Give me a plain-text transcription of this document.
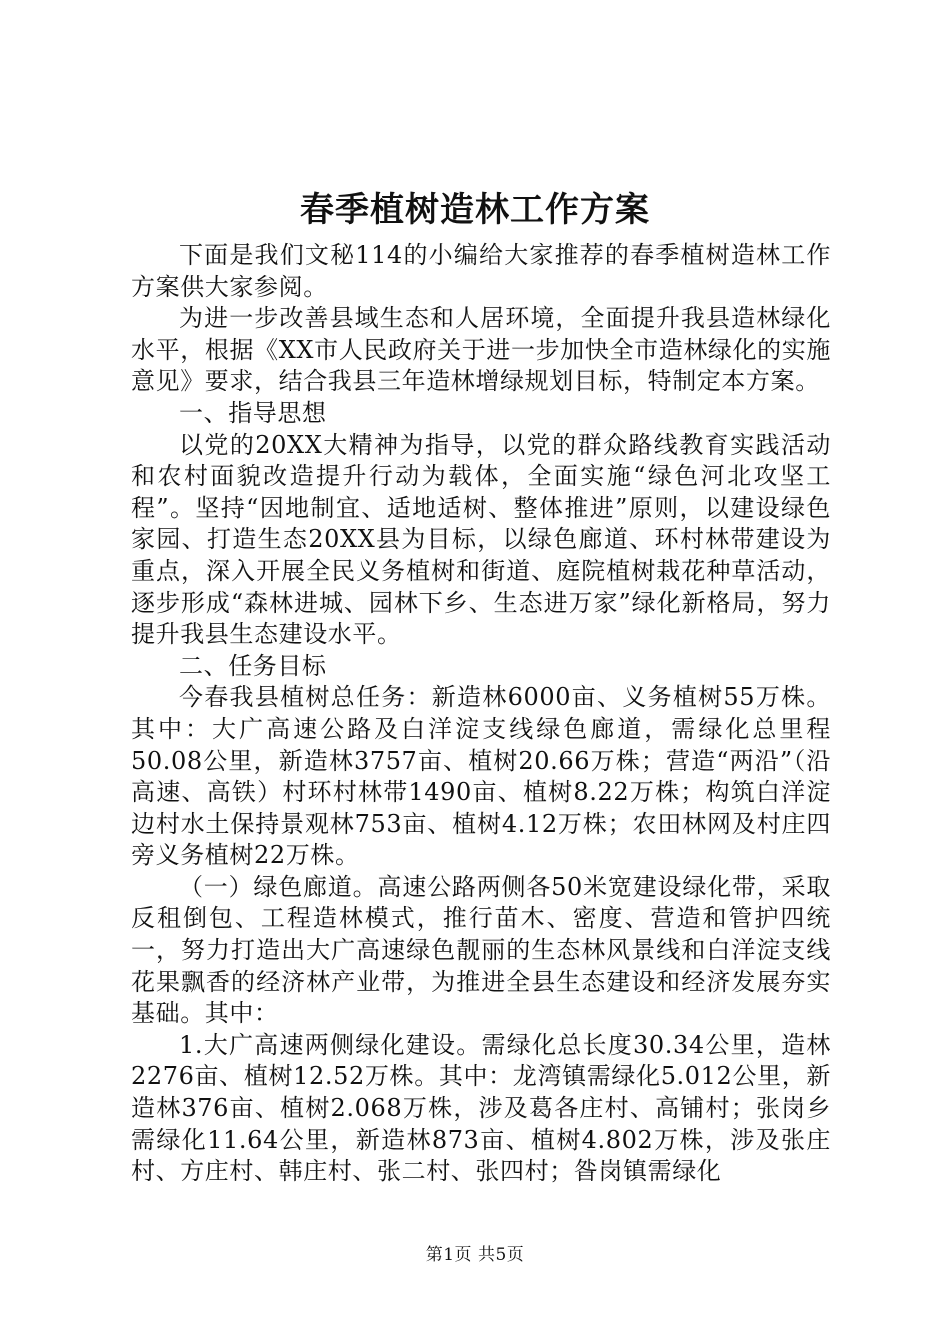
春季植树造林工作方案

下面是我们文秘114的小编给大家推荐的春季植树造林工作方案供大家参阅。

为进一步改善县域生态和人居环境，全面提升我县造林绿化水平，根据《XX市人民政府关于进一步加快全市造林绿化的实施意见》要求，结合我县三年造林增绿规划目标，特制定本方案。

一、指导思想

以党的20XX大精神为指导，以党的群众路线教育实践活动和农村面貌改造提升行动为载体，全面实施“绿色河北攻坚工程”。坚持“因地制宜、适地适树、整体推进”原则，以建设绿色家园、打造生态20XX县为目标，以绿色廊道、环村林带建设为重点，深入开展全民义务植树和街道、庭院植树栽花种草活动，逐步形成“森林进城、园林下乡、生态进万家”绿化新格局，努力提升我县生态建设水平。

二、任务目标

今春我县植树总任务：新造林6000亩、义务植树55万株。其中：大广高速公路及白洋淀支线绿色廊道，需绿化总里程50.08公里，新造林3757亩、植树20.66万株；营造“两沿”（沿高速、高铁）村环村林带1490亩、植树8.22万株；构筑白洋淀边村水土保持景观林753亩、植树4.12万株；农田林网及村庄四旁义务植树22万株。

（一）绿色廊道。高速公路两侧各50米宽建设绿化带，采取反租倒包、工程造林模式，推行苗木、密度、营造和管护四统一，努力打造出大广高速绿色靓丽的生态林风景线和白洋淀支线花果飘香的经济林产业带，为推进全县生态建设和经济发展夯实基础。其中：

1.大广高速两侧绿化建设。需绿化总长度30.34公里，造林2276亩、植树12.52万株。其中：龙湾镇需绿化5.012公里，新造林376亩、植树2.068万株，涉及葛各庄村、高铺村；张岗乡需绿化11.64公里，新造林873亩、植树4.802万株，涉及张庄村、方庄村、韩庄村、张二村、张四村；昝岗镇需绿化

第1页 共5页
